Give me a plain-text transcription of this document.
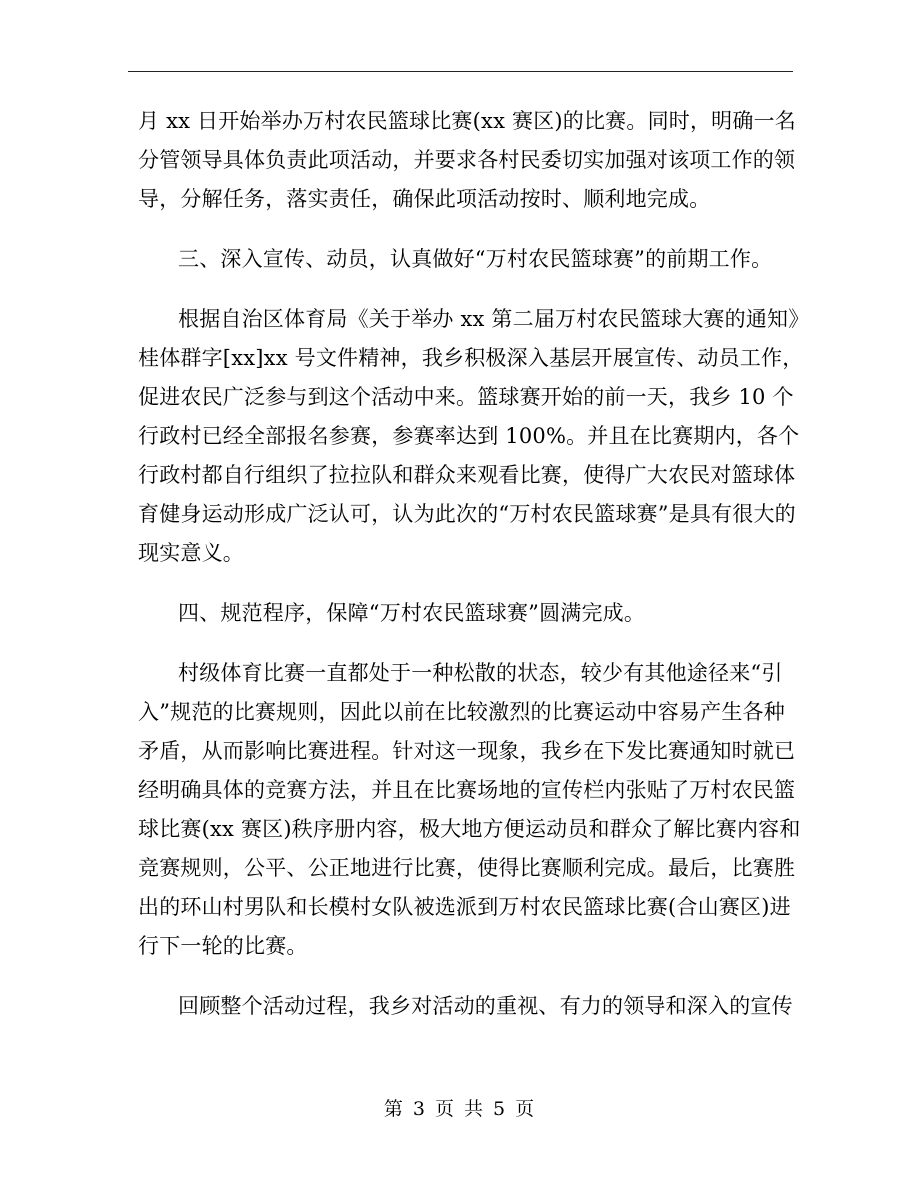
月 xx 日开始举办万村农民篮球比赛(xx 赛区)的比赛。同时，明确一名
分管领导具体负责此项活动，并要求各村民委切实加强对该项工作的领
导，分解任务，落实责任，确保此项活动按时、顺利地完成。
三、深入宣传、动员，认真做好“万村农民篮球赛”的前期工作。
根据自治区体育局《关于举办 xx 第二届万村农民篮球大赛的通知》
桂体群字[xx]xx 号文件精神，我乡积极深入基层开展宣传、动员工作，
促进农民广泛参与到这个活动中来。篮球赛开始的前一天，我乡 10 个
行政村已经全部报名参赛，参赛率达到 100%。并且在比赛期内，各个
行政村都自行组织了拉拉队和群众来观看比赛，使得广大农民对篮球体
育健身运动形成广泛认可，认为此次的“万村农民篮球赛”是具有很大的
现实意义。
四、规范程序，保障“万村农民篮球赛”圆满完成。
村级体育比赛一直都处于一种松散的状态，较少有其他途径来“引
入”规范的比赛规则，因此以前在比较激烈的比赛运动中容易产生各种
矛盾，从而影响比赛进程。针对这一现象，我乡在下发比赛通知时就已
经明确具体的竞赛方法，并且在比赛场地的宣传栏内张贴了万村农民篮
球比赛(xx 赛区)秩序册内容，极大地方便运动员和群众了解比赛内容和
竞赛规则，公平、公正地进行比赛，使得比赛顺利完成。最后，比赛胜
出的环山村男队和长模村女队被选派到万村农民篮球比赛(合山赛区)进
行下一轮的比赛。
回顾整个活动过程，我乡对活动的重视、有力的领导和深入的宣传
第 3 页 共 5 页
